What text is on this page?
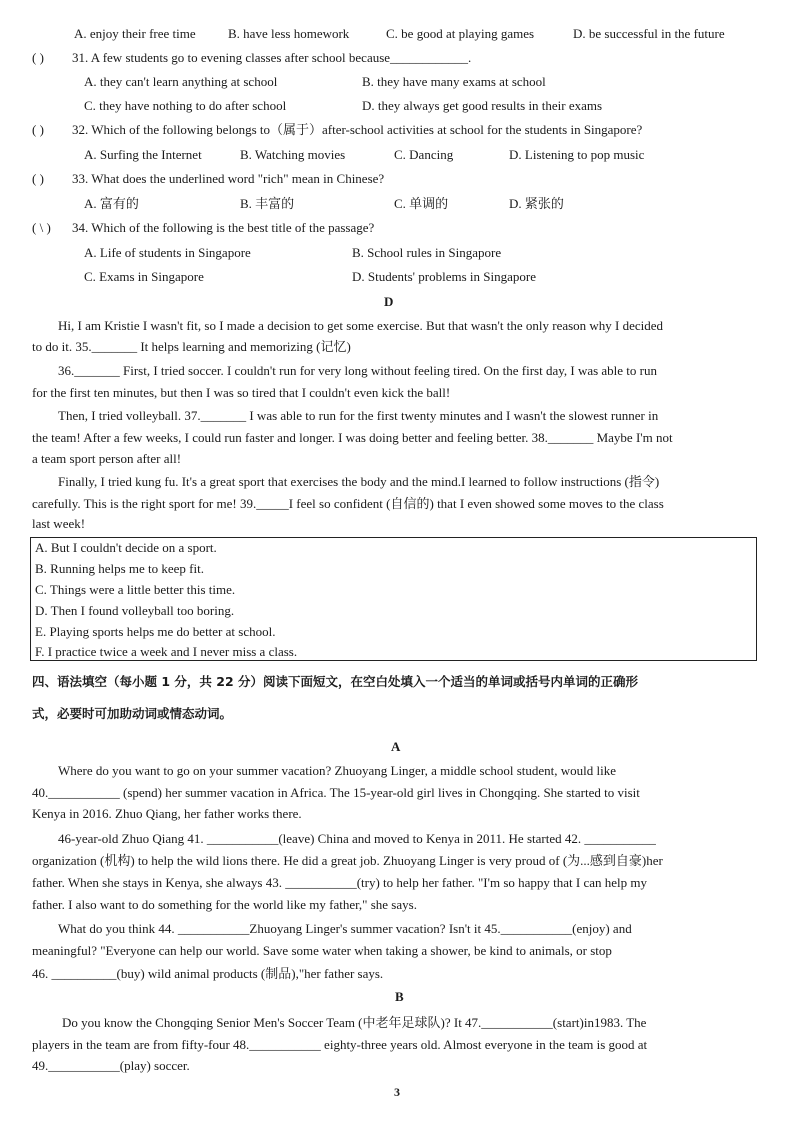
A. enjoy their free time B. have less homework	C. be good at playing games	D. be successful in the future
( ) 31. A few students go to evening classes after school because____________.
A. they can't learn anything at school	B. they have many exams at school
C. they have nothing to do after school	D. they always get good results in their exams
( ) 32. Which of the following belongs to（属于）after-school activities at school for the students in Singapore?
A. Surfing the Internet	B. Watching movies	C. Dancing	D. Listening to pop music
( ) 33. What does the underlined word "rich" mean in Chinese?
A. 富有的	B. 丰富的	C. 单调的	D. 紧张的
( \ ) 34. Which of the following is the best title of the passage?
A. Life of students in Singapore	B. School rules in Singapore
C. Exams in Singapore	D. Students' problems in Singapore
D
Hi, I am Kristie I wasn't fit, so I made a decision to get some exercise. But that wasn't the only reason why I decided
to do it. 35._______ It helps learning and memorizing (记忆)
36._______ First, I tried soccer. I couldn't run for very long without feeling tired. On the first day, I was able to run
for the first ten minutes, but then I was so tired that I couldn't even kick the ball!
Then, I tried volleyball. 37._______ I was able to run for the first twenty minutes and I wasn't the slowest runner in
the team! After a few weeks, I could run faster and longer. I was doing better and feeling better. 38._______ Maybe I'm not
a team sport person after all!
Finally, I tried kung fu. It's a great sport that exercises the body and the mind.I learned to follow instructions (指令)
carefully. This is the right sport for me! 39._____I feel so confident (自信的) that I even showed some moves to the class
last week!
A. But I couldn't decide on a sport.
B. Running helps me to keep fit.
C. Things were a little better this time.
D. Then I found volleyball too boring.
E. Playing sports helps me do better at school.
F. I practice twice a week and I never miss a class.
四、语法填空（每小题 1 分，共 22 分）阅读下面短文，在空白处填入一个适当的单词或括号内单词的正确形
式，必要时可加助动词或情态动词。
A
Where do you want to go on your summer vacation? Zhuoyang Linger, a middle school student, would like
40.___________ (spend) her summer vacation in Africa. The 15-year-old girl lives in Chongqing. She started to visit
Kenya in 2016. Zhuo Qiang, her father works there.
46-year-old Zhuo Qiang 41. ___________(leave) China and moved to Kenya in 2011. He started 42. ___________
organization (机构) to help the wild lions there. He did a great job. Zhuoyang Linger is very proud of (为...感到自豪)her
father. When she stays in Kenya, she always 43. ___________(try) to help her father. "I'm so happy that I can help my
father. I also want to do something for the world like my father," she says.
What do you think 44. ___________Zhuoyang Linger's summer vacation? Isn't it 45.___________(enjoy) and
meaningful? "Everyone can help our world. Save some water when taking a shower, be kind to animals, or stop
46. __________(buy) wild animal products (制品),"her father says.
B
Do you know the Chongqing Senior Men's Soccer Team (中老年足球队)? It 47.___________(start)in1983. The
players in the team are from fifty-four 48.___________ eighty-three years old. Almost everyone in the team is good at
49.___________(play) soccer.
3
